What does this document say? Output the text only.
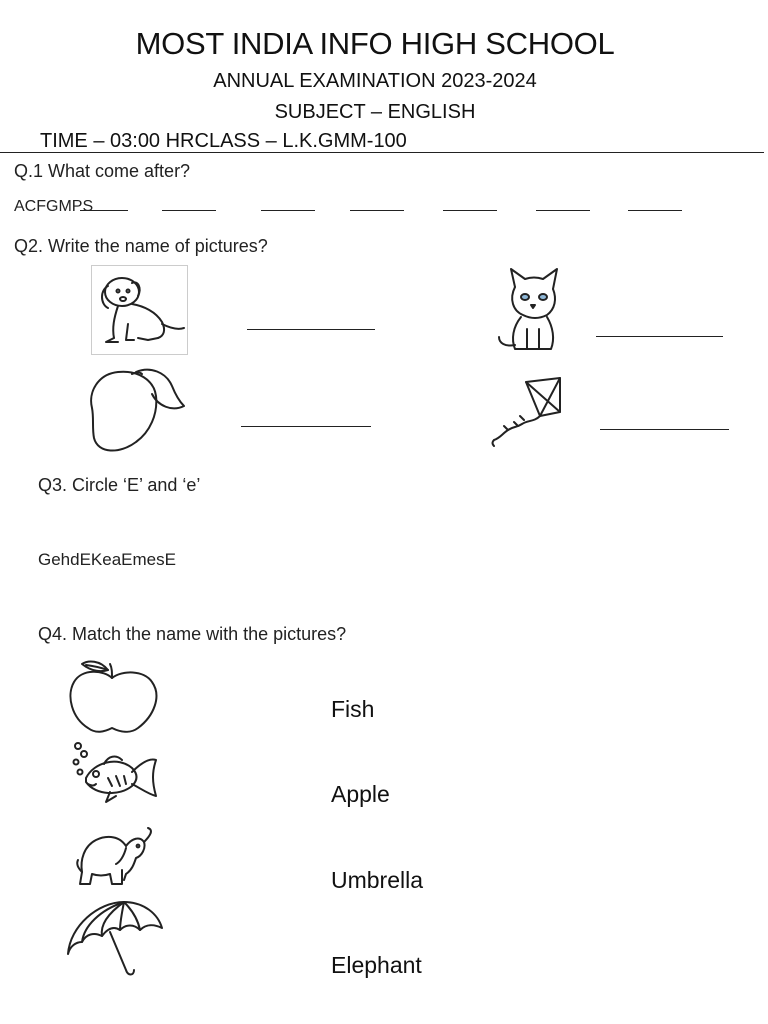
MOST INDIA INFO HIGH SCHOOL
ANNUAL EXAMINATION 2023-2024
SUBJECT – ENGLISH
TIME – 03:00 HRCLASS – L.K.GMM-100
Q.1 What come after?
ACFGMPS
Q2. Write the name of pictures?
Q3. Circle ‘E’ and ‘e’
GehdEKeaEmesE
Q4. Match the name with the pictures?
Fish
Apple
Umbrella
Elephant
